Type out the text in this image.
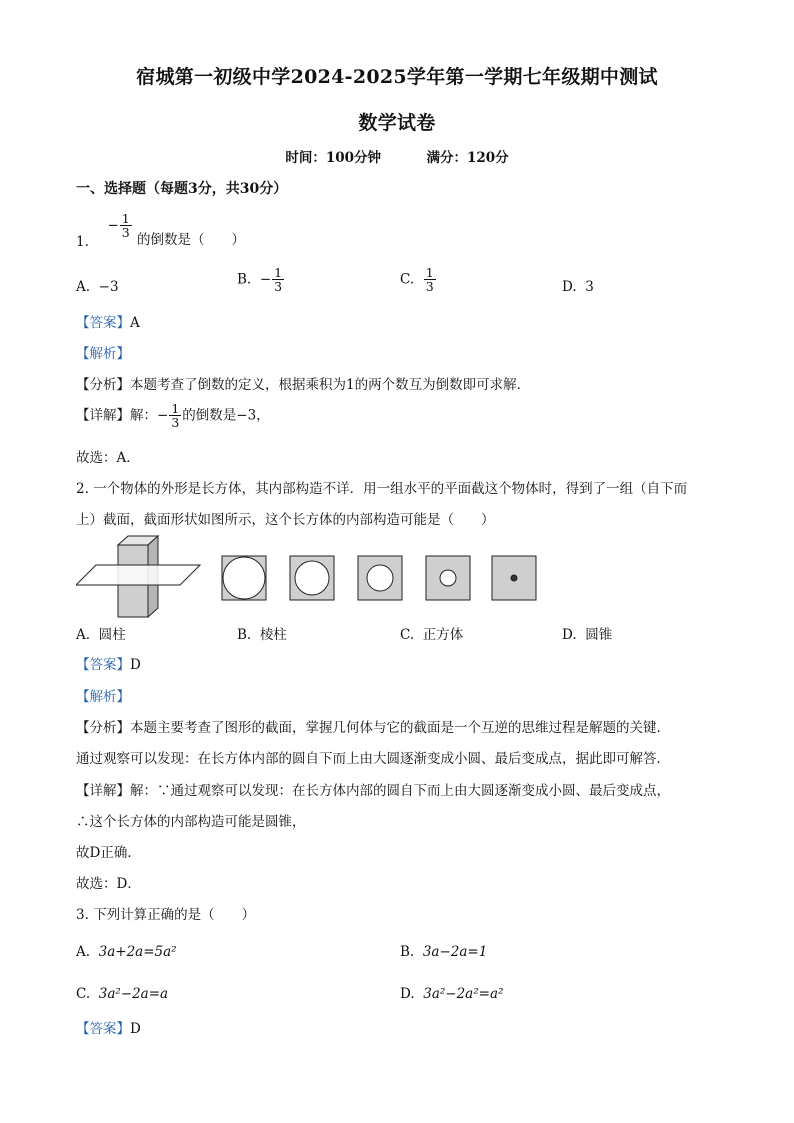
宿城第一初级中学2024-2025学年第一学期七年级期中测试
数学试卷
时间：100分钟	满分：120分
一、选择题（每题3分，共30分）
1.  − $\frac{1}{3}$
的倒数是（　　）
A. −3	B. − $\frac{1}{3}$	C. $\frac{1}{3}$	D. 3
【答案】A
【解析】
【分析】本题考查了倒数的定义，根据乘积为1的两个数互为倒数即可求解．
【详解】解：− $\frac{1}{3}$ 的倒数是−3，
故选：A．
2. 一个物体的外形是长方体，其内部构造不详．用一组水平的平面截这个物体时，得到了一组（自下而
上）截面，截面形状如图所示，这个长方体的内部构造可能是（　　）
A. 圆柱	B. 棱柱	C. 正方体	D. 圆锥
【答案】D
【解析】
【分析】本题主要考查了图形的截面，掌握几何体与它的截面是一个互逆的思维过程是解题的关键．
通过观察可以发现：在长方体内部的圆自下而上由大圆逐渐变成小圆、最后变成点，据此即可解答．
【详解】解：∵通过观察可以发现：在长方体内部的圆自下而上由大圆逐渐变成小圆、最后变成点，
∴这个长方体的内部构造可能是圆锥，
故D正确．
故选：D．
3. 下列计算正确的是（　　）
A. 3a+2a=5a²	B. 3a−2a=1
C. 3a²−2a=a	D. 3a²−2a²=a²
【答案】D
